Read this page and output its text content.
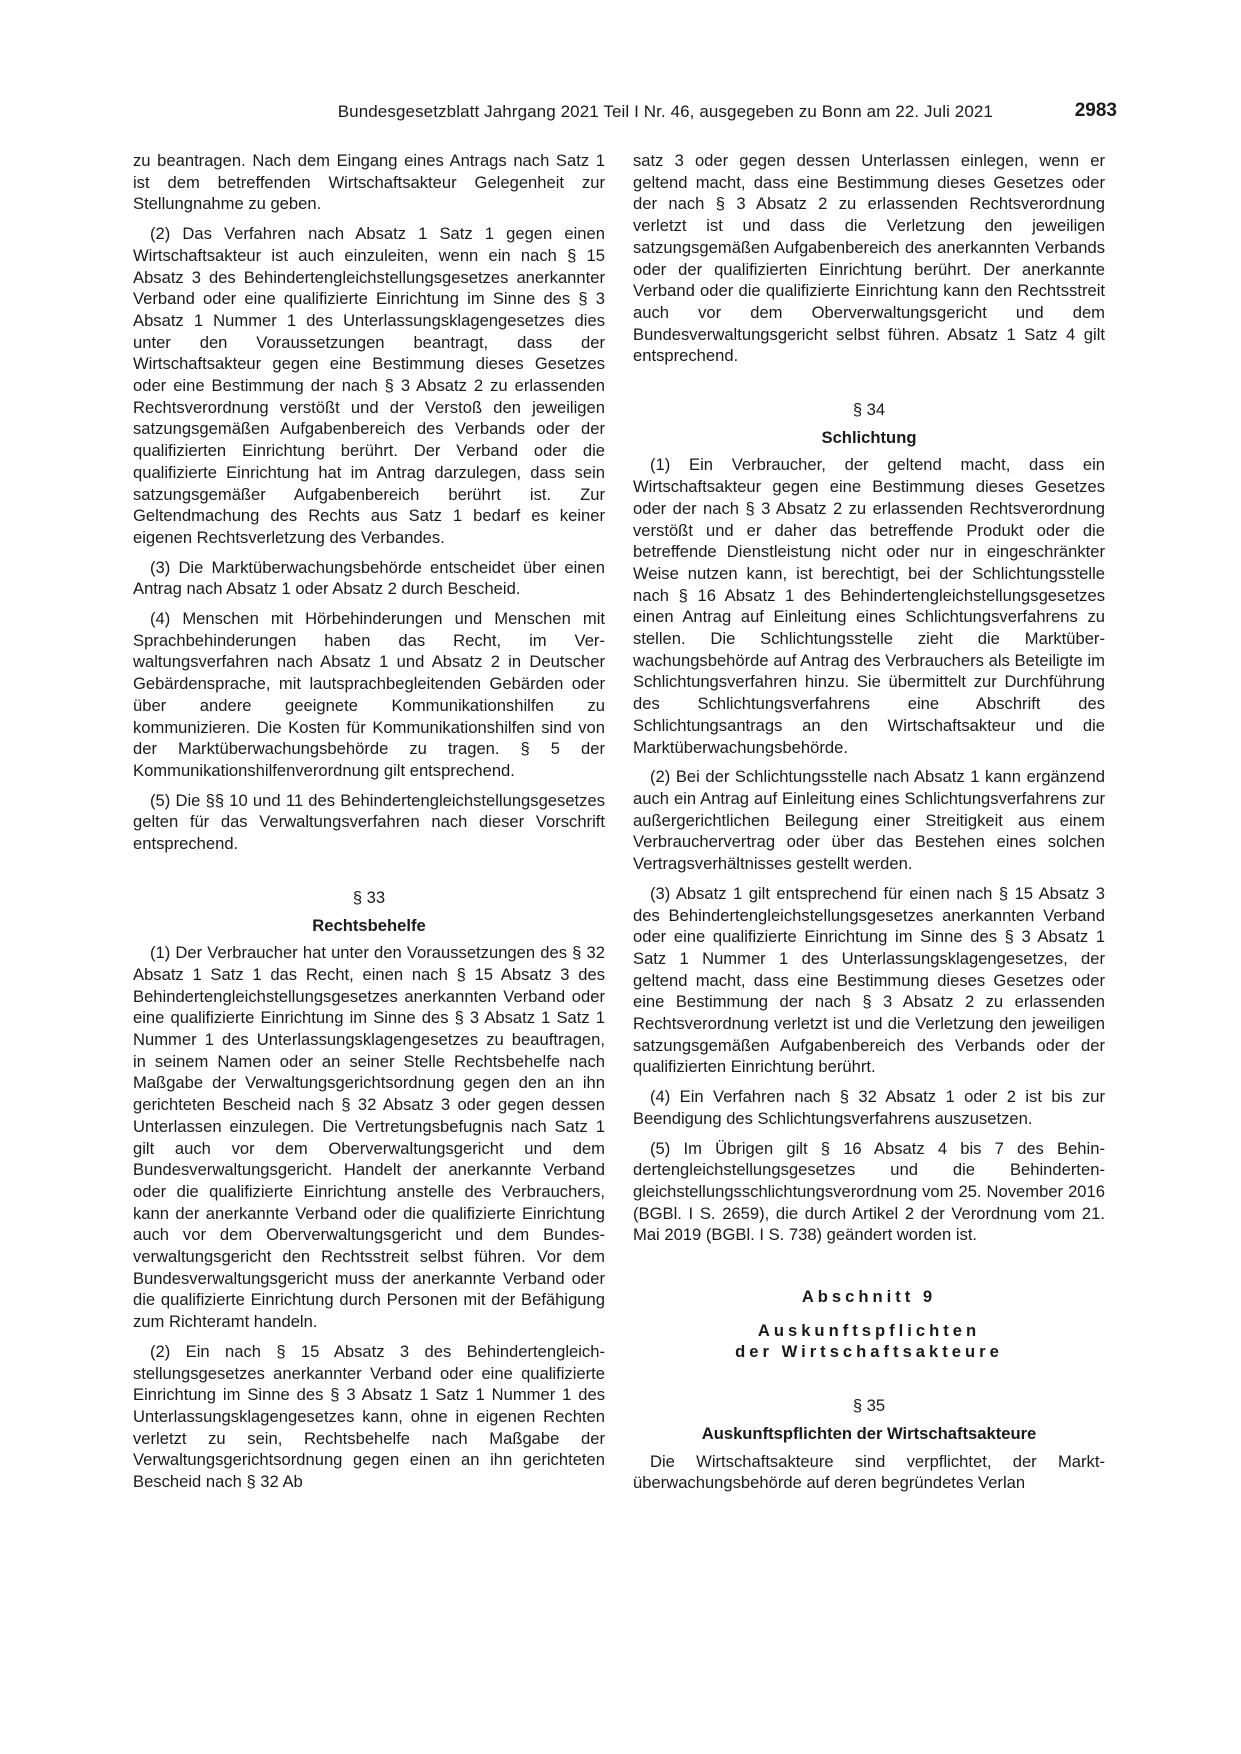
Bundesgesetzblatt Jahrgang 2021 Teil I Nr. 46, ausgegeben zu Bonn am 22. Juli 2021	2983

zu beantragen. Nach dem Eingang eines Antrags nach Satz 1 ist dem betreffenden Wirtschaftsakteur Gelegenheit zur Stellungnahme zu geben.

(2) Das Verfahren nach Absatz 1 Satz 1 gegen einen Wirtschaftsakteur ist auch einzuleiten, wenn ein nach § 15 Absatz 3 des Behindertengleichstellungsgesetzes anerkannter Verband oder eine qualifizierte Einrichtung im Sinne des § 3 Absatz 1 Nummer 1 des Unterlassungsklagengesetzes dies unter den Voraussetzungen beantragt, dass der Wirtschaftsakteur gegen eine Bestimmung dieses Gesetzes oder eine Bestimmung der nach § 3 Absatz 2 zu erlassenden Rechtsverordnung verstößt und der Verstoß den jeweiligen satzungsgemäßen Aufgabenbereich des Verbands oder der qualifizierten Einrichtung berührt. Der Verband oder die qualifizierte Einrichtung hat im Antrag darzulegen, dass sein satzungsgemäßer Aufgabenbereich berührt ist. Zur Geltendmachung des Rechts aus Satz 1 bedarf es keiner eigenen Rechtsverletzung des Verbandes.

(3) Die Marktüberwachungsbehörde entscheidet über einen Antrag nach Absatz 1 oder Absatz 2 durch Bescheid.

(4) Menschen mit Hörbehinderungen und Menschen mit Sprachbehinderungen haben das Recht, im Verwaltungsverfahren nach Absatz 1 und Absatz 2 in Deutscher Gebärdensprache, mit lautsprachbegleitenden Gebärden oder über andere geeignete Kommunikationshilfen zu kommunizieren. Die Kosten für Kommunikationshilfen sind von der Marktüberwachungsbehörde zu tragen. § 5 der Kommunikationshilfenverordnung gilt entsprechend.

(5) Die §§ 10 und 11 des Behindertengleichstellungsgesetzes gelten für das Verwaltungsverfahren nach dieser Vorschrift entsprechend.

§ 33
Rechtsbehelfe

(1) Der Verbraucher hat unter den Voraussetzungen des § 32 Absatz 1 Satz 1 das Recht, einen nach § 15 Absatz 3 des Behindertengleichstellungsgesetzes anerkannten Verband oder eine qualifizierte Einrichtung im Sinne des § 3 Absatz 1 Satz 1 Nummer 1 des Unterlassungsklagengesetzes zu beauftragen, in seinem Namen oder an seiner Stelle Rechtsbehelfe nach Maßgabe der Verwaltungsgerichtsordnung gegen den an ihn gerichteten Bescheid nach § 32 Absatz 3 oder gegen dessen Unterlassen einzulegen. Die Vertretungsbefugnis nach Satz 1 gilt auch vor dem Oberverwaltungsgericht und dem Bundesverwaltungsgericht. Handelt der anerkannte Verband oder die qualifizierte Einrichtung anstelle des Verbrauchers, kann der anerkannte Verband oder die qualifizierte Einrichtung auch vor dem Oberverwaltungsgericht und dem Bundesverwaltungsgericht den Rechtsstreit selbst führen. Vor dem Bundesverwaltungsgericht muss der anerkannte Verband oder die qualifizierte Einrichtung durch Personen mit der Befähigung zum Richteramt handeln.

(2) Ein nach § 15 Absatz 3 des Behindertengleichstellungsgesetzes anerkannter Verband oder eine qualifizierte Einrichtung im Sinne des § 3 Absatz 1 Satz 1 Nummer 1 des Unterlassungsklagengesetzes kann, ohne in eigenen Rechten verletzt zu sein, Rechtsbehelfe nach Maßgabe der Verwaltungsgerichtsordnung gegen einen an ihn gerichteten Bescheid nach § 32 Ab

satz 3 oder gegen dessen Unterlassen einlegen, wenn er geltend macht, dass eine Bestimmung dieses Gesetzes oder der nach § 3 Absatz 2 zu erlassenden Rechtsverordnung verletzt ist und dass die Verletzung den jeweiligen satzungsgemäßen Aufgabenbereich des anerkannten Verbands oder der qualifizierten Einrichtung berührt. Der anerkannte Verband oder die qualifizierte Einrichtung kann den Rechtsstreit auch vor dem Oberverwaltungsgericht und dem Bundesverwaltungsgericht selbst führen. Absatz 1 Satz 4 gilt entsprechend.

§ 34
Schlichtung

(1) Ein Verbraucher, der geltend macht, dass ein Wirtschaftsakteur gegen eine Bestimmung dieses Gesetzes oder der nach § 3 Absatz 2 zu erlassenden Rechtsverordnung verstößt und er daher das betreffende Produkt oder die betreffende Dienstleistung nicht oder nur in eingeschränkter Weise nutzen kann, ist berechtigt, bei der Schlichtungsstelle nach § 16 Absatz 1 des Behindertengleichstellungsgesetzes einen Antrag auf Einleitung eines Schlichtungsverfahrens zu stellen. Die Schlichtungsstelle zieht die Marktüberwachungsbehörde auf Antrag des Verbrauchers als Beteiligte im Schlichtungsverfahren hinzu. Sie übermittelt zur Durchführung des Schlichtungsverfahrens eine Abschrift des Schlichtungsantrags an den Wirtschaftsakteur und die Marktüberwachungsbehörde.

(2) Bei der Schlichtungsstelle nach Absatz 1 kann ergänzend auch ein Antrag auf Einleitung eines Schlichtungsverfahrens zur außergerichtlichen Beilegung einer Streitigkeit aus einem Verbrauchervertrag oder über das Bestehen eines solchen Vertragsverhältnisses gestellt werden.

(3) Absatz 1 gilt entsprechend für einen nach § 15 Absatz 3 des Behindertengleichstellungsgesetzes anerkannten Verband oder eine qualifizierte Einrichtung im Sinne des § 3 Absatz 1 Satz 1 Nummer 1 des Unterlassungsklagengesetzes, der geltend macht, dass eine Bestimmung dieses Gesetzes oder eine Bestimmung der nach § 3 Absatz 2 zu erlassenden Rechtsverordnung verletzt ist und die Verletzung den jeweiligen satzungsgemäßen Aufgabenbereich des Verbands oder der qualifizierten Einrichtung berührt.

(4) Ein Verfahren nach § 32 Absatz 1 oder 2 ist bis zur Beendigung des Schlichtungsverfahrens auszusetzen.

(5) Im Übrigen gilt § 16 Absatz 4 bis 7 des Behindertengleichstellungsgesetzes und die Behindertengleichstellungsschlichtungsverordnung vom 25. November 2016 (BGBl. I S. 2659), die durch Artikel 2 der Verordnung vom 21. Mai 2019 (BGBl. I S. 738) geändert worden ist.

Abschnitt 9
Auskunftspflichten
der Wirtschaftsakteure
§ 35
Auskunftspflichten der Wirtschaftsakteure

Die Wirtschaftsakteure sind verpflichtet, der Marktüberwachungsbehörde auf deren begründetes Verlan
